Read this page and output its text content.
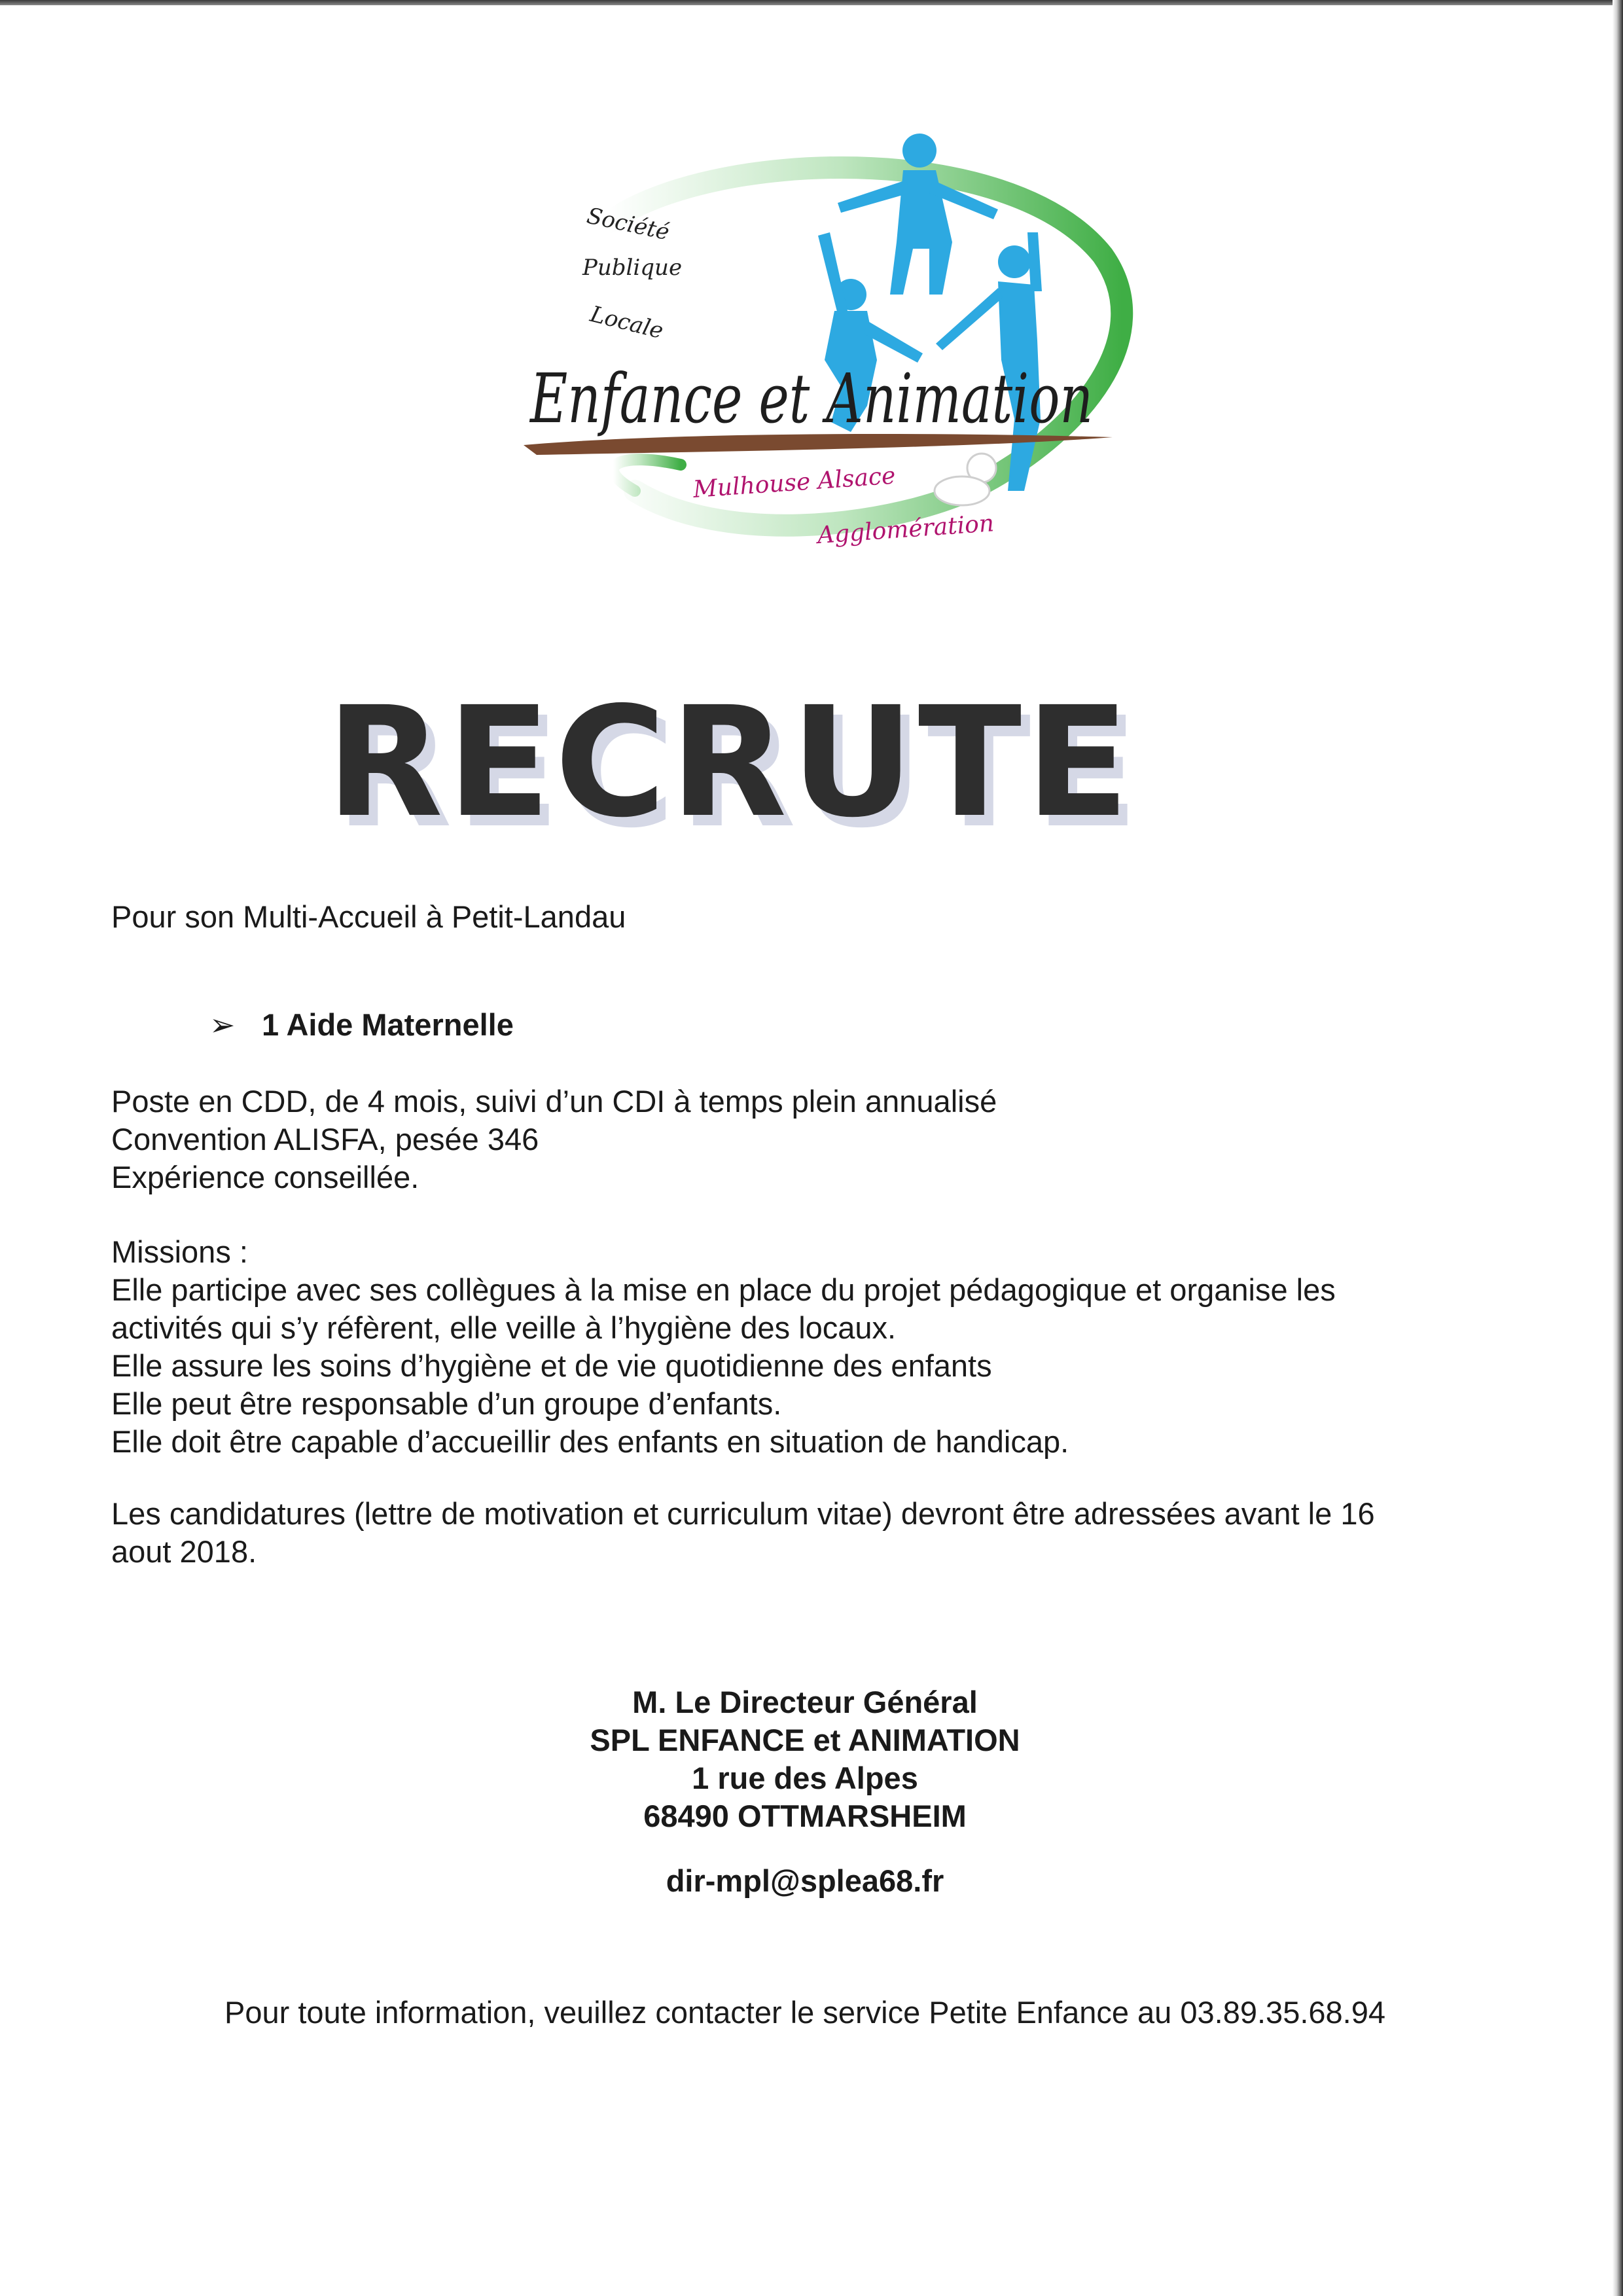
Société
Publique
Locale
Enfance et Animation
Mulhouse Alsace
Agglomération
RECRUTE

Pour son Multi-Accueil à Petit-Landau

➢ 1 Aide Maternelle
Poste en CDD, de 4 mois, suivi d’un CDI à temps plein annualisé
Convention ALISFA, pesée 346
Expérience conseillée.
Missions :
Elle participe avec ses collègues à la mise en place du projet pédagogique et organise les
activités qui s’y réfèrent, elle veille à l’hygiène des locaux.
Elle assure les soins d’hygiène et de vie quotidienne des enfants
Elle peut être responsable d’un groupe d’enfants.
Elle doit être capable d’accueillir des enfants en situation de handicap.
Les candidatures (lettre de motivation et curriculum vitae) devront être adressées avant le 16
aout 2018.
M. Le Directeur Général
SPL ENFANCE et ANIMATION
1 rue des Alpes
68490 OTTMARSHEIM
dir-mpl@splea68.fr
Pour toute information, veuillez contacter le service Petite Enfance au 03.89.35.68.94
